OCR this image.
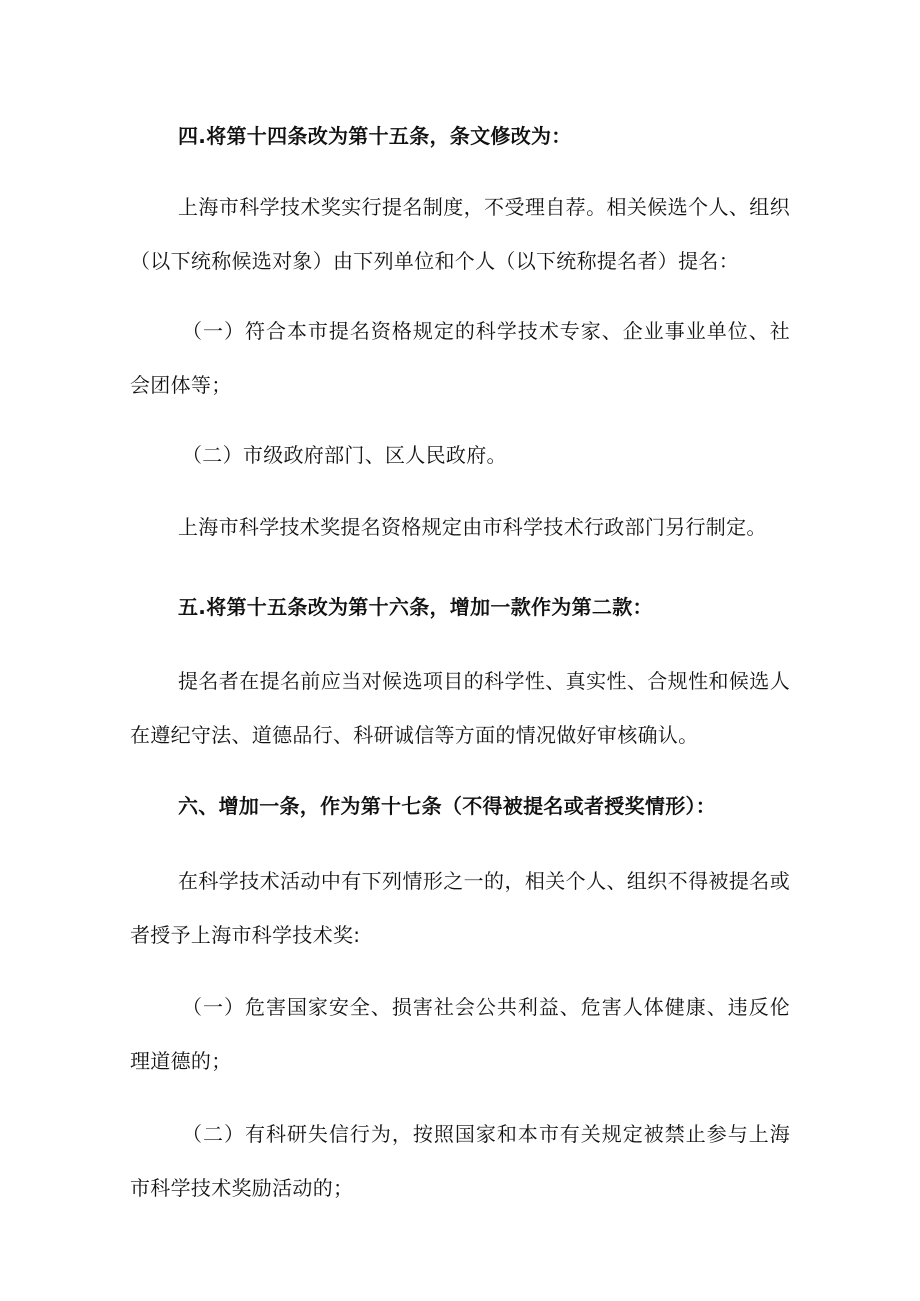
四.将第十四条改为第十五条，条文修改为：

上海市科学技术奖实行提名制度，不受理自荐。相关候选个人、组织（以下统称候选对象）由下列单位和个人（以下统称提名者）提名：

（一）符合本市提名资格规定的科学技术专家、企业事业单位、社会团体等；

（二）市级政府部门、区人民政府。

上海市科学技术奖提名资格规定由市科学技术行政部门另行制定。

五.将第十五条改为第十六条，增加一款作为第二款：

提名者在提名前应当对候选项目的科学性、真实性、合规性和候选人在遵纪守法、道德品行、科研诚信等方面的情况做好审核确认。

六、增加一条，作为第十七条（不得被提名或者授奖情形）：

在科学技术活动中有下列情形之一的，相关个人、组织不得被提名或者授予上海市科学技术奖:

（一）危害国家安全、损害社会公共利益、危害人体健康、违反伦理道德的；

（二）有科研失信行为，按照国家和本市有关规定被禁止参与上海市科学技术奖励活动的；
